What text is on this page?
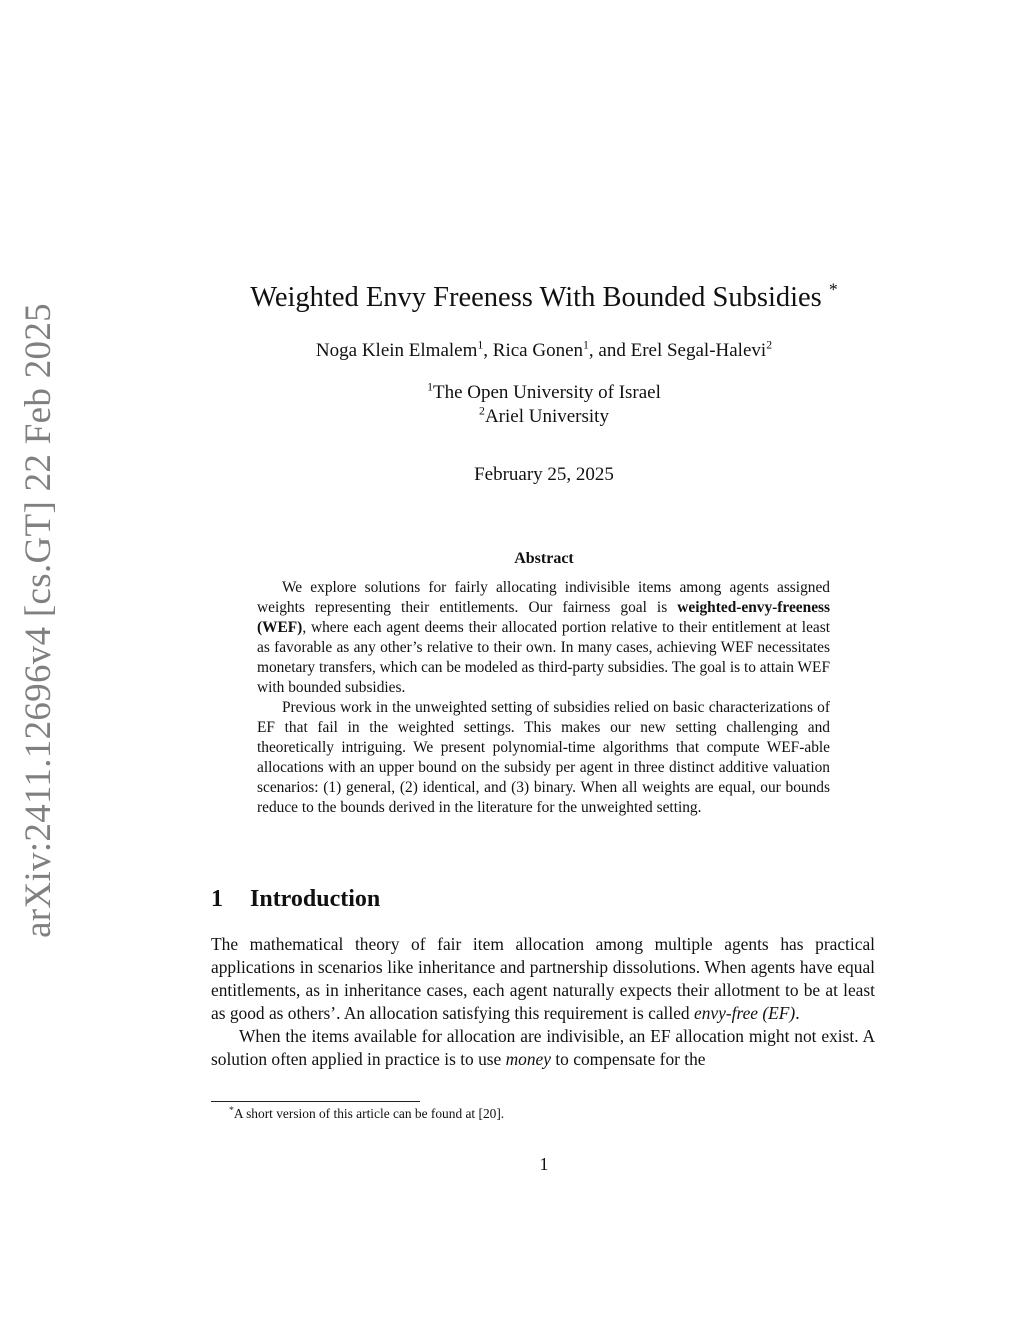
arXiv:2411.12696v4 [cs.GT] 22 Feb 2025
Weighted Envy Freeness With Bounded Subsidies *
Noga Klein Elmalem$^1$, Rica Gonen$^1$, and Erel Segal-Halevi$^2$
$^1$The Open University of Israel
$^2$Ariel University
February 25, 2025
Abstract

We explore solutions for fairly allocating indivisible items among agents assigned weights representing their entitlements. Our fairness goal is weighted-envy-freeness (WEF), where each agent deems their allocated portion relative to their entitlement at least as favorable as any other’s relative to their own. In many cases, achieving WEF necessitates monetary transfers, which can be modeled as third-party subsidies. The goal is to attain WEF with bounded subsidies.

Previous work in the unweighted setting of subsidies relied on basic characterizations of EF that fail in the weighted settings. This makes our new setting challenging and theoretically intriguing. We present polynomial-time algorithms that compute WEF-able allocations with an upper bound on the subsidy per agent in three distinct additive valuation scenarios: (1) general, (2) identical, and (3) binary. When all weights are equal, our bounds reduce to the bounds derived in the literature for the unweighted setting.

1 Introduction

The mathematical theory of fair item allocation among multiple agents has practical applications in scenarios like inheritance and partnership dissolutions. When agents have equal entitlements, as in inheritance cases, each agent naturally expects their allotment to be at least as good as others’. An allocation satisfying this requirement is called envy-free (EF).

When the items available for allocation are indivisible, an EF allocation might not exist. A solution often applied in practice is to use money to compensate for the

*A short version of this article can be found at [20].
1
